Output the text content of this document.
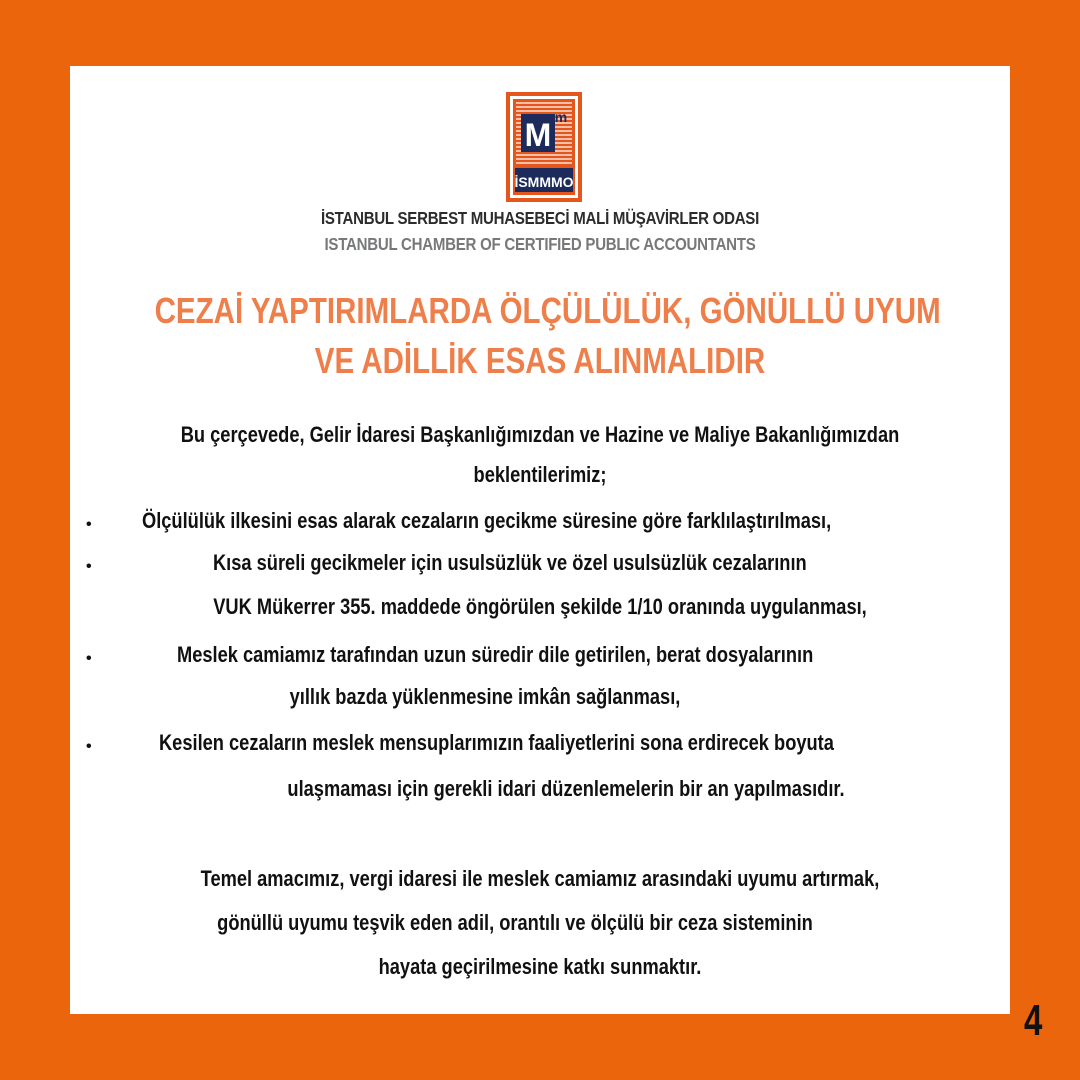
M m
İSMMMO
İSTANBUL SERBEST MUHASEBECİ MALİ MÜŞAVİRLER ODASI
ISTANBUL CHAMBER OF CERTIFIED PUBLIC ACCOUNTANTS
CEZAİ YAPTIRIMLARDA ÖLÇÜLÜLÜK, GÖNÜLLÜ UYUM
VE ADİLLİK ESAS ALINMALIDIR
Bu çerçevede, Gelir İdaresi Başkanlığımızdan ve Hazine ve Maliye Bakanlığımızdan
beklentilerimiz;
• Ölçülülük ilkesini esas alarak cezaların gecikme süresine göre farklılaştırılması,
•	Kısa süreli gecikmeler için usulsüzlük ve özel usulsüzlük cezalarının
VUK Mükerrer 355. maddede öngörülen şekilde 1/10 oranında uygulanması,
•	Meslek camiamız tarafından uzun süredir dile getirilen, berat dosyalarının
yıllık bazda yüklenmesine imkân sağlanması,
•	Kesilen cezaların meslek mensuplarımızın faaliyetlerini sona erdirecek boyuta
ulaşmaması için gerekli idari düzenlemelerin bir an yapılmasıdır.
Temel amacımız, vergi idaresi ile meslek camiamız arasındaki uyumu artırmak,
gönüllü uyumu teşvik eden adil, orantılı ve ölçülü bir ceza sisteminin
hayata geçirilmesine katkı sunmaktır.
4
